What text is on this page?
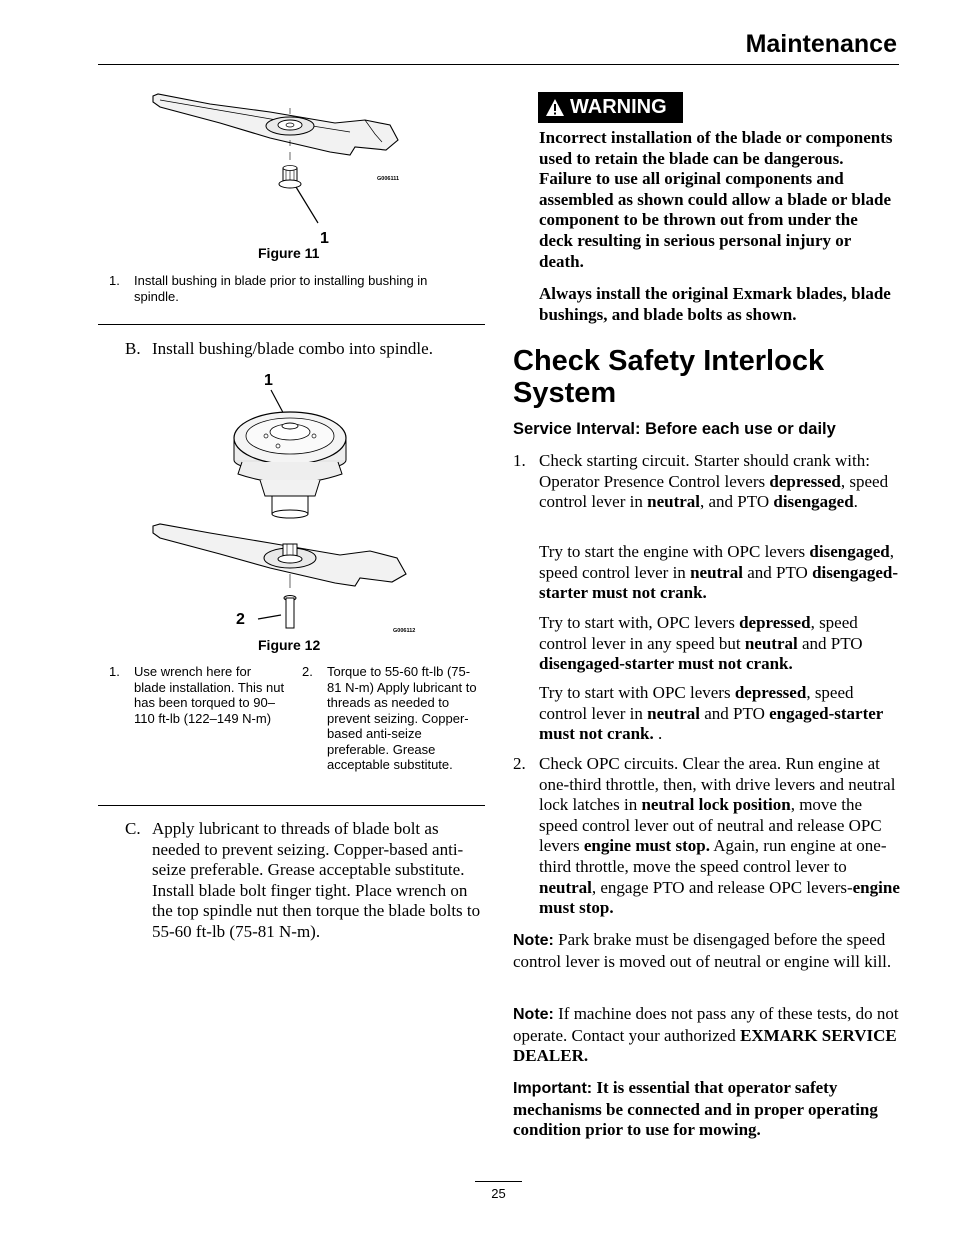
Maintenance
1
G006111
Figure 11
1. Install bushing in blade prior to installing bushing in spindle.
B. Install bushing/blade combo into spindle.
1
2
G006112
Figure 12
1. Use wrench here for blade installation. This nut has been torqued to 90–110 ft-lb (122–149 N-m)
2. Torque to 55-60 ft-lb (75-81 N-m) Apply lubricant to threads as needed to prevent seizing. Copper-based anti-seize preferable. Grease acceptable substitute.
C. Apply lubricant to threads of blade bolt as needed to prevent seizing. Copper-based anti-seize preferable. Grease acceptable substitute. Install blade bolt finger tight. Place wrench on the top spindle nut then torque the blade bolts to 55-60 ft-lb (75-81 N-m).
WARNING
Incorrect installation of the blade or components used to retain the blade can be dangerous. Failure to use all original components and assembled as shown could allow a blade or blade component to be thrown out from under the deck resulting in serious personal injury or death.
Always install the original Exmark blades, blade bushings, and blade bolts as shown.
Check Safety Interlock System
Service Interval: Before each use or daily
1. Check starting circuit. Starter should crank with: Operator Presence Control levers depressed, speed control lever in neutral, and PTO disengaged.
Try to start the engine with OPC levers disengaged, speed control lever in neutral and PTO disengaged-starter must not crank.
Try to start with, OPC levers depressed, speed control lever in any speed but neutral and PTO disengaged-starter must not crank.
Try to start with OPC levers depressed, speed control lever in neutral and PTO engaged-starter must not crank. .
2. Check OPC circuits. Clear the area. Run engine at one-third throttle, then, with drive levers and neutral lock latches in neutral lock position, move the speed control lever out of neutral and release OPC levers engine must stop. Again, run engine at one-third throttle, move the speed control lever to neutral, engage PTO and release OPC levers-engine must stop.
Note: Park brake must be disengaged before the speed control lever is moved out of neutral or engine will kill.
Note: If machine does not pass any of these tests, do not operate. Contact your authorized EXMARK SERVICE DEALER.
Important: It is essential that operator safety mechanisms be connected and in proper operating condition prior to use for mowing.
25
